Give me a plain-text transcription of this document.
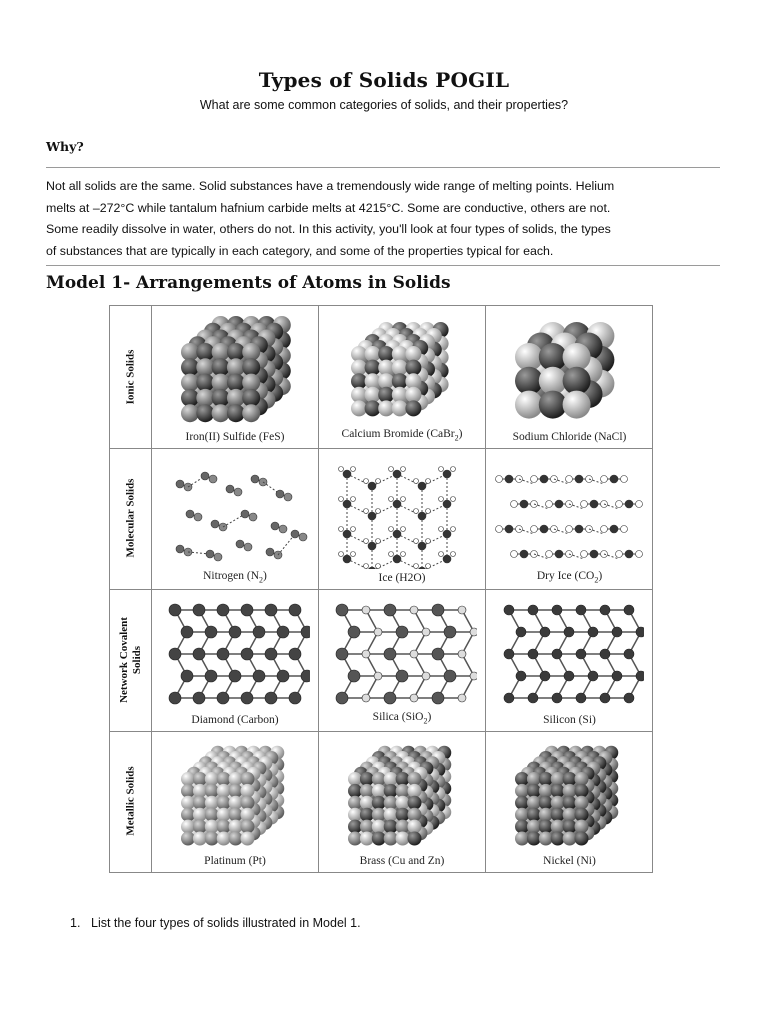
Types of Solids POGIL
What are some common categories of solids, and their properties?
Why?
Not all solids are the same. Solid substances have a tremendously wide range of melting points. Helium
melts at –272°C while tantalum hafnium carbide melts at 4215°C. Some are conductive, others are not.
Some readily dissolve in water, others do not. In this activity, you'll look at four types of solids, the types
of substances that are typically in each category, and some of the properties typical for each.
Model 1- Arrangements of Atoms in Solids
Ionic Solids
Iron(II) Sulfide (FeS)	Calcium Bromide (CaBr$_2$)	Sodium Chloride (NaCl)
Molecular Solids
Nitrogen $(N_2)$	Ice (H2O)	Dry Ice $(CO_2)$
Network Covalent Solids
Diamond (Carbon)	Silica (SiO$_2$)	Silicon (Si)
Metallic Solids
Platinum (Pt)	Brass (Cu and Zn)	Nickel (Ni)
1. List the four types of solids illustrated in Model 1.
